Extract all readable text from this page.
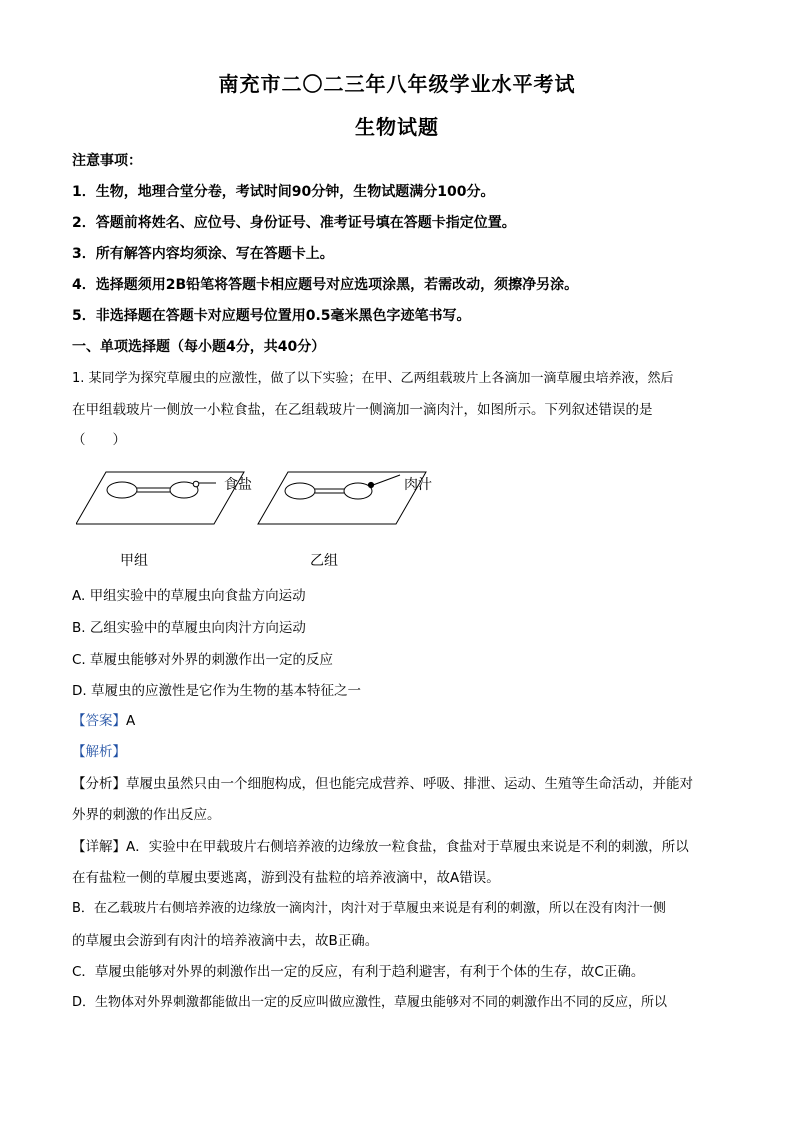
南充市二〇二三年八年级学业水平考试
生物试题
注意事项：
1．生物，地理合堂分卷，考试时间90分钟，生物试题满分100分。
2．答题前将姓名、应位号、身份证号、准考证号填在答题卡指定位置。
3．所有解答内容均须涂、写在答题卡上。
4．选择题须用2B铅笔将答题卡相应题号对应选项涂黑，若需改动，须擦净另涂。
5．非选择题在答题卡对应题号位置用0.5毫米黑色字迹笔书写。
一、单项选择题（每小题4分，共40分）
1. 某同学为探究草履虫的应激性，做了以下实验；在甲、乙两组载玻片上各滴加一滴草履虫培养液，然后
在甲组载玻片一侧放一小粒食盐，在乙组载玻片一侧滴加一滴肉汁，如图所示。下列叙述错误的是
（　　）
食盐	肉汁
甲组	乙组
A. 甲组实验中的草履虫向食盐方向运动
B. 乙组实验中的草履虫向肉汁方向运动
C. 草履虫能够对外界的刺激作出一定的反应
D. 草履虫的应激性是它作为生物的基本特征之一
【答案】A
【解析】
【分析】草履虫虽然只由一个细胞构成，但也能完成营养、呼吸、排泄、运动、生殖等生命活动，并能对
外界的刺激的作出反应。
【详解】A．实验中在甲载玻片右侧培养液的边缘放一粒食盐，食盐对于草履虫来说是不利的刺激，所以
在有盐粒一侧的草履虫要逃离，游到没有盐粒的培养液滴中，故A错误。
B．在乙载玻片右侧培养液的边缘放一滴肉汁，肉汁对于草履虫来说是有利的刺激，所以在没有肉汁一侧
的草履虫会游到有肉汁的培养液滴中去，故B正确。
C．草履虫能够对外界的刺激作出一定的反应，有利于趋利避害，有利于个体的生存，故C正确。
D．生物体对外界刺激都能做出一定的反应叫做应激性，草履虫能够对不同的刺激作出不同的反应，所以
